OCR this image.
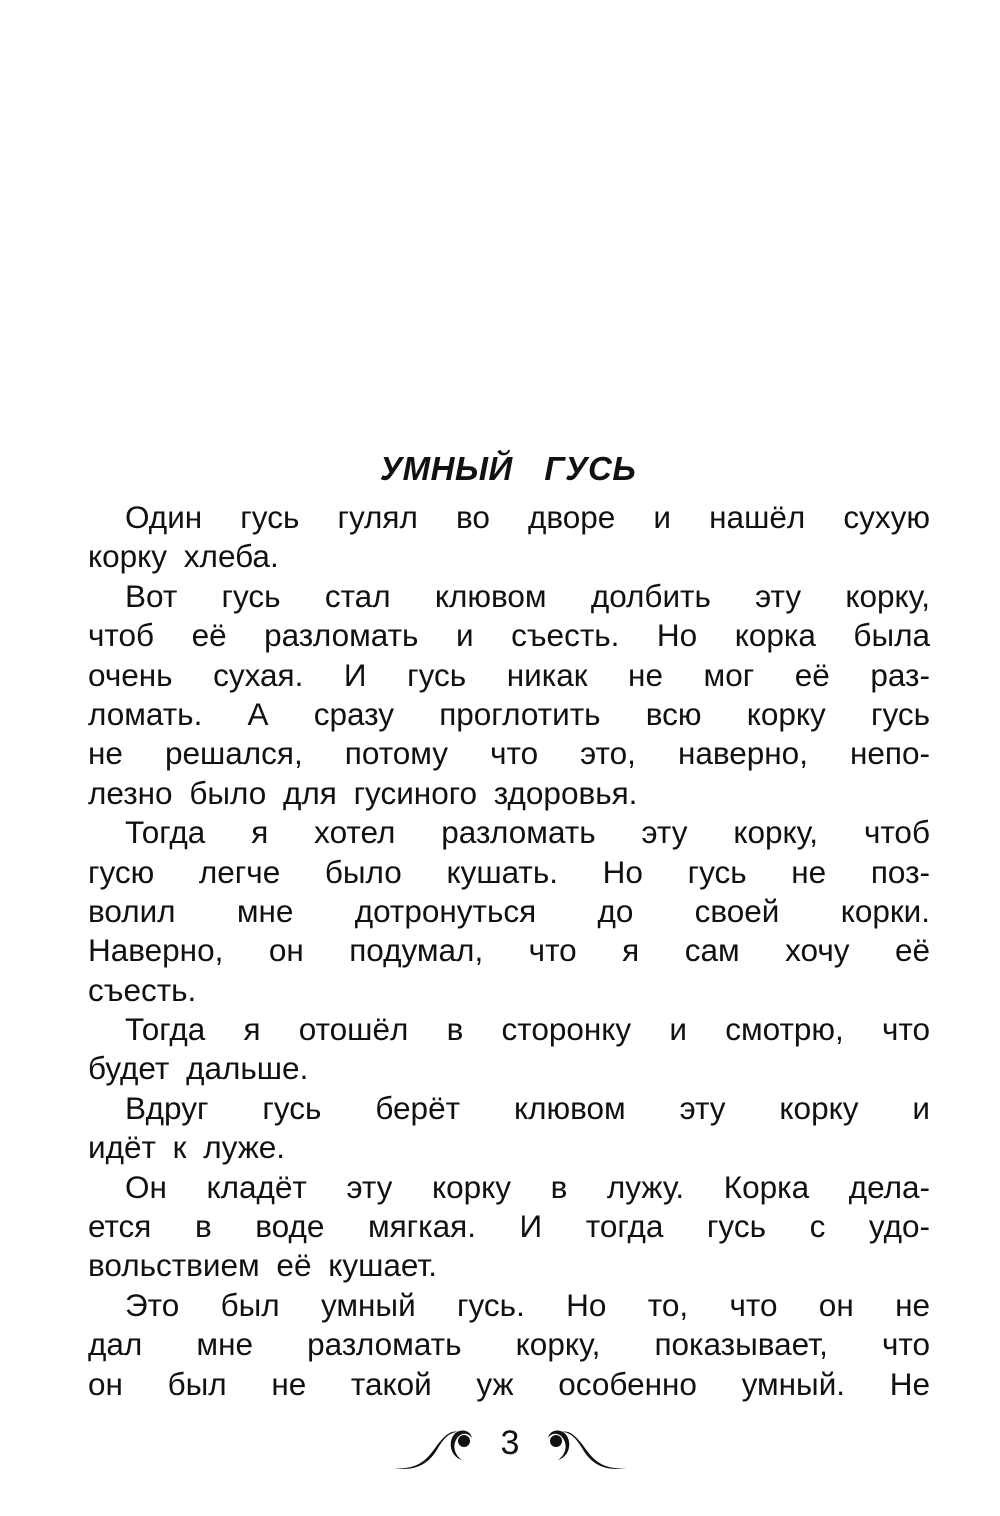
УМНЫЙ ГУСЬ
Один гусь гулял во дворе и нашёл сухую
корку хлеба.
Вот гусь стал клювом долбить эту корку,
чтоб её разломать и съесть. Но корка была
очень сухая. И гусь никак не мог её раз-
ломать. А сразу проглотить всю корку гусь
не решался, потому что это, наверно, непо-
лезно было для гусиного здоровья.
Тогда я хотел разломать эту корку, чтоб
гусю легче было кушать. Но гусь не поз-
волил мне дотронуться до своей корки.
Наверно, он подумал, что я сам хочу её
съесть.
Тогда я отошёл в сторонку и смотрю, что
будет дальше.
Вдруг гусь берёт клювом эту корку и
идёт к луже.
Он кладёт эту корку в лужу. Корка дела-
ется в воде мягкая. И тогда гусь с удо-
вольствием её кушает.
Это был умный гусь. Но то, что он не
дал мне разломать корку, показывает, что
он был не такой уж особенно умный. Не
3
